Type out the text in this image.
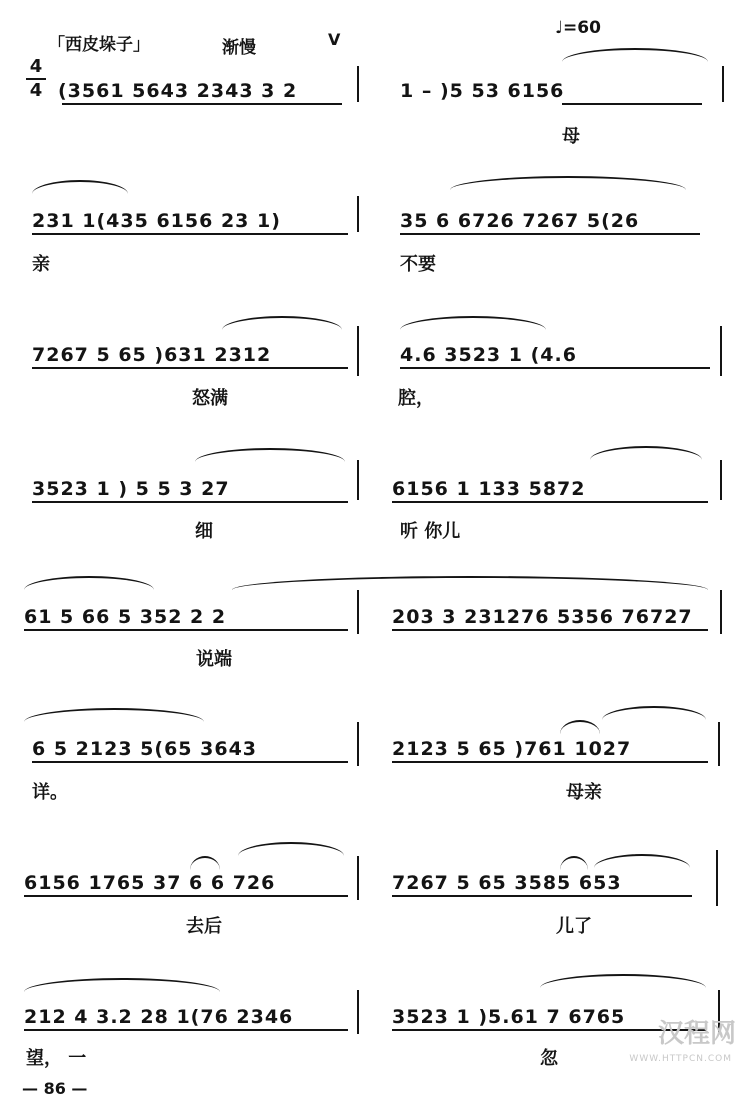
「西皮垛子」	渐慢	V
♩=60
4
4 (3561 5643 2343 3 2	1 – )5 53 6156
母
231 1(435 6156 23 1)
亲
35 6 6726 7267 5(26
不要
7267 5 65 )631 2312
怒满
4.6 3523 1 (4.6
腔，
3523 1 ) 5 5 3 27
细
6156 1 133 5872
听 你儿
61 5 66 5 352 2 2
说端
203 3 231276 5356 76727
6 5 2123 5(65 3643
详。
2123 5 65 )761 1027
母亲
6156 1765 37 6 6 726
去后
7267 5 65 3585 653
儿了
212 4 3.2 28 1(76 2346
望， 一
3523 1 )5.61 7 6765
忽
汉程网
WWW.HTTPCN.COM
— 86 —
